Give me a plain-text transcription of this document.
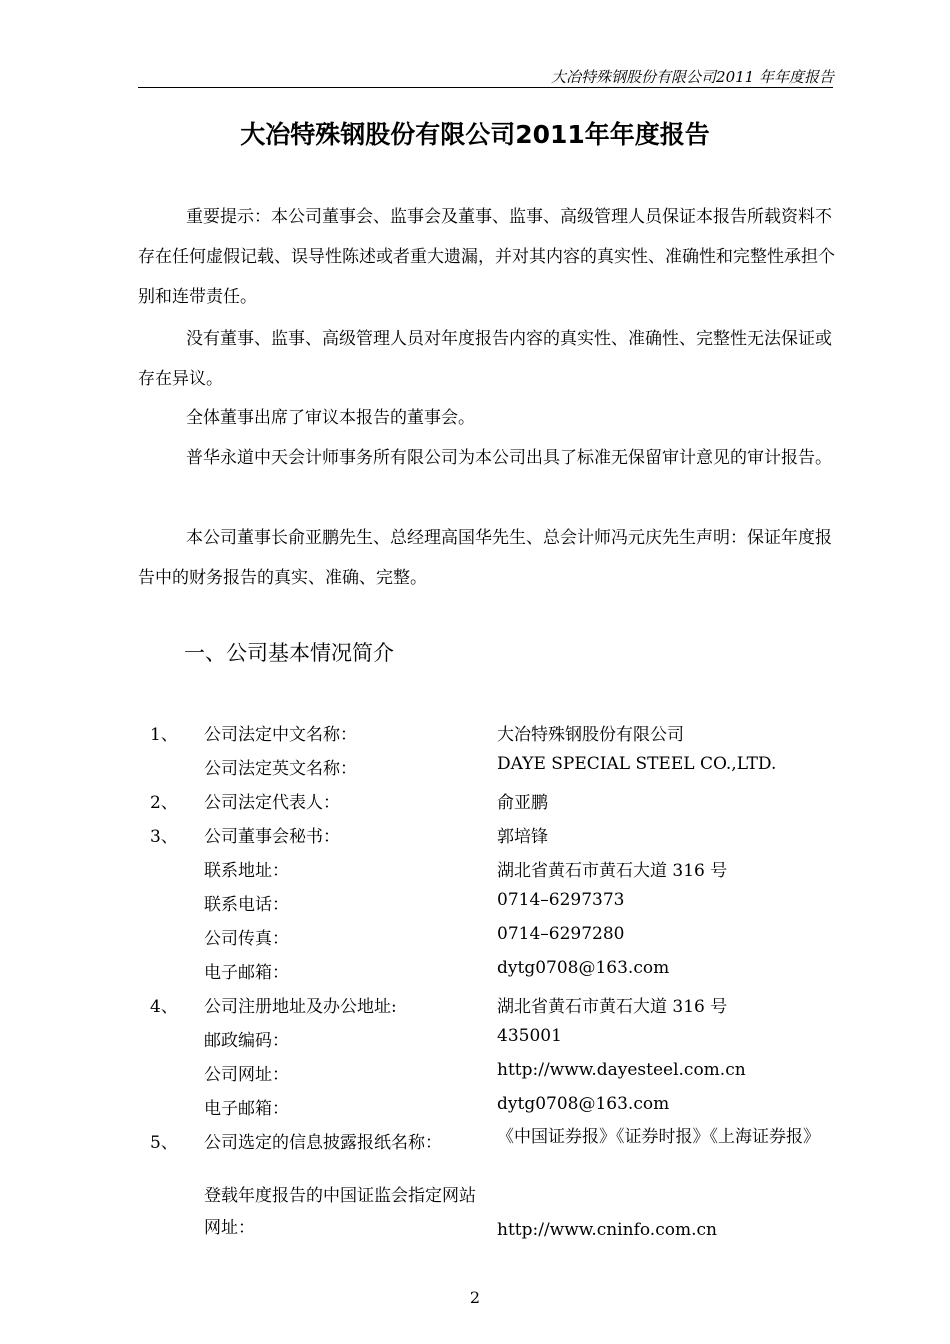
大冶特殊钢股份有限公司2011 年年度报告
大冶特殊钢股份有限公司2011年年度报告
重要提示：本公司董事会、监事会及董事、监事、高级管理人员保证本报告所载资料不存在任何虚假记载、误导性陈述或者重大遗漏，并对其内容的真实性、准确性和完整性承担个别和连带责任。
没有董事、监事、高级管理人员对年度报告内容的真实性、准确性、完整性无法保证或存在异议。
全体董事出席了审议本报告的董事会。
普华永道中天会计师事务所有限公司为本公司出具了标准无保留审计意见的审计报告。
本公司董事长俞亚鹏先生、总经理高国华先生、总会计师冯元庆先生声明：保证年度报告中的财务报告的真实、准确、完整。
一、公司基本情况简介
1、 公司法定中文名称：	大冶特殊钢股份有限公司
公司法定英文名称：	DAYE SPECIAL STEEL CO.,LTD.
2、 公司法定代表人：	俞亚鹏
3、 公司董事会秘书：	郭培锋
联系地址：	湖北省黄石市黄石大道 316 号
联系电话：	0714–6297373
公司传真：	0714–6297280
电子邮箱：	dytg0708@163.com
4、 公司注册地址及办公地址:	湖北省黄石市黄石大道 316 号
邮政编码：	435001
公司网址：	http://www.dayesteel.com.cn
电子邮箱：	dytg0708@163.com
5、 公司选定的信息披露报纸名称：	《中国证券报》《证券时报》《上海证券报》
登载年度报告的中国证监会指定网站网址：	http://www.cninfo.com.cn
2
